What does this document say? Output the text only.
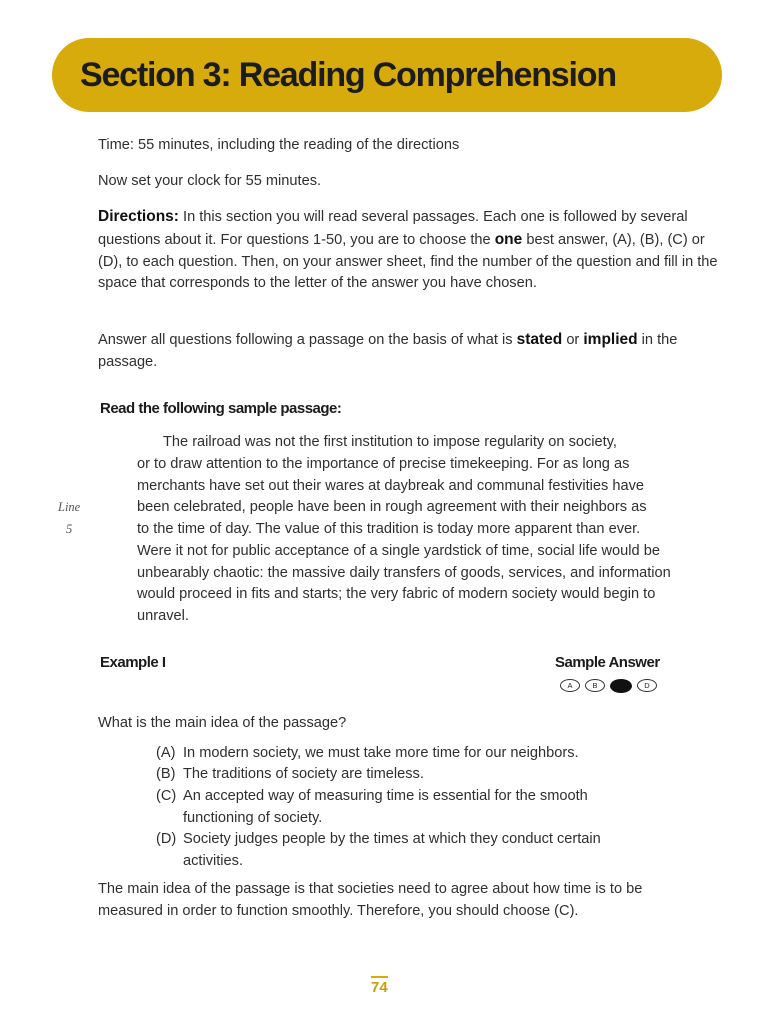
Section 3: Reading Comprehension

Time: 55 minutes, including the reading of the directions

Now set your clock for 55 minutes.

Directions: In this section you will read several passages. Each one is followed by several questions about it. For questions 1-50, you are to choose the one best answer, (A), (B), (C) or (D), to each question. Then, on your answer sheet, find the number of the question and fill in the space that corresponds to the letter of the answer you have chosen.

Answer all questions following a passage on the basis of what is stated or implied in the passage.

Read the following sample passage:

The railroad was not the first institution to impose regularity on society,

or to draw attention to the importance of precise timekeeping. For as long as

merchants have set out their wares at daybreak and communal festivities have

been celebrated, people have been in rough agreement with their neighbors as

to the time of day. The value of this tradition is today more apparent than ever.

Were it not for public acceptance of a single yardstick of time, social life would be

unbearably chaotic: the massive daily transfers of goods, services, and information

would proceed in fits and starts; the very fabric of modern society would begin to

unravel.

Line
5

Example I	Sample Answer

A	B	C	D

What is the main idea of the passage?

(A) In modern society, we must take more time for our neighbors.

(B) The traditions of society are timeless.

(C) An accepted way of measuring time is essential for the smooth functioning of society.

(D) Society judges people by the times at which they conduct certain activities.

The main idea of the passage is that societies need to agree about how time is to be measured in order to function smoothly. Therefore, you should choose (C).

74
